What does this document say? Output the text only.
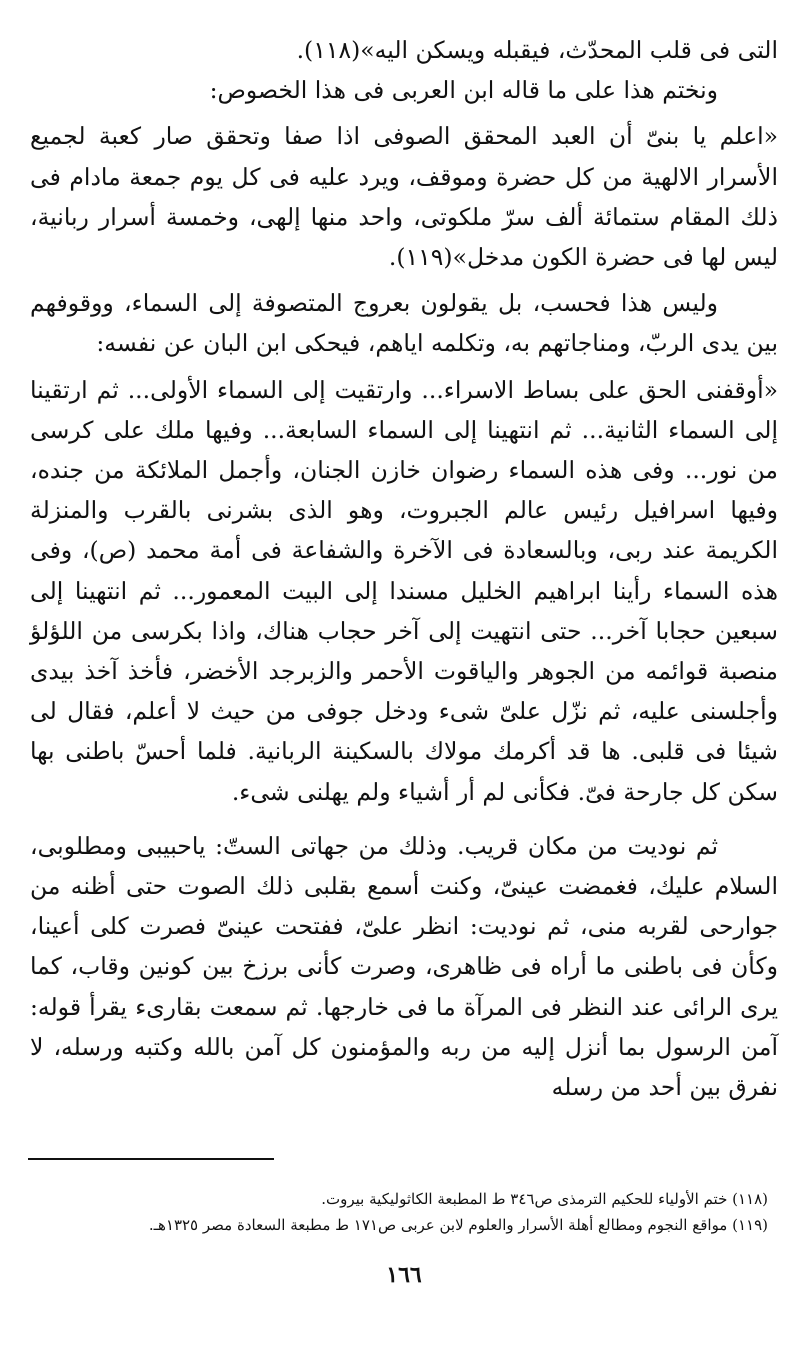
التى فى قلب المحدّث، فيقبله ويسكن اليه»(١١٨).

ونختم هذا على ما قاله ابن العربى فى هذا الخصوص:

«اعلم يا بنىّ أن العبد المحقق الصوفى اذا صفا وتحقق صار كعبة لجميع الأسرار الالهية من كل حضرة وموقف، ويرد عليه فى كل يوم جمعة مادام فى ذلك المقام ستمائة ألف سرّ ملكوتى، واحد منها إلهى، وخمسة أسرار ربانية، ليس لها فى حضرة الكون مدخل»(١١٩).

وليس هذا فحسب، بل يقولون بعروج المتصوفة إلى السماء، ووقوفهم بين يدى الربّ، ومناجاتهم به، وتكلمه اياهم، فيحكى ابن البان عن نفسه:

«أوقفنى الحق على بساط الاسراء... وارتقيت إلى السماء الأولى... ثم ارتقينا إلى السماء الثانية... ثم انتهينا إلى السماء السابعة... وفيها ملك على كرسى من نور... وفى هذه السماء رضوان خازن الجنان، وأجمل الملائكة من جنده، وفيها اسرافيل رئيس عالم الجبروت، وهو الذى بشرنى بالقرب والمنزلة الكريمة عند ربى، وبالسعادة فى الآخرة والشفاعة فى أمة محمد (ص)، وفى هذه السماء رأينا ابراهيم الخليل مسندا إلى البيت المعمور... ثم انتهينا إلى سبعين حجابا آخر... حتى انتهيت إلى آخر حجاب هناك، واذا بكرسى من اللؤلؤ منصبة قوائمه من الجوهر والياقوت الأحمر والزبرجد الأخضر، فأخذ آخذ بيدى وأجلسنى عليه، ثم نزّل علىّ شىء ودخل جوفى من حيث لا أعلم، فقال لى شيئا فى قلبى. ها قد أكرمك مولاك بالسكينة الربانية. فلما أحسّ باطنى بها سكن كل جارحة فىّ. فكأنى لم أر أشياء ولم يهلنى شىء.

ثم نوديت من مكان قريب. وذلك من جهاتى الستّ: ياحبيبى ومطلوبى، السلام عليك، فغمضت عينىّ، وكنت أسمع بقلبى ذلك الصوت حتى أظنه من جوارحى لقربه منى، ثم نوديت: انظر علىّ، ففتحت عينىّ فصرت كلى أعينا، وكأن فى باطنى ما أراه فى ظاهرى، وصرت كأنى برزخ بين كونين وقاب، كما يرى الرائى عند النظر فى المرآة ما فى خارجها. ثم سمعت بقارىء يقرأ قوله: آمن الرسول بما أنزل إليه من ربه والمؤمنون كل آمن بالله وكتبه ورسله، لا نفرق بين أحد من رسله

(١١٨) ختم الأولياء للحكيم الترمذى ص٣٤٦ ط المطبعة الكاثوليكية بيروت.

(١١٩) مواقع النجوم ومطالع أهلة الأسرار والعلوم لابن عربى ص١٧١ ط مطبعة السعادة مصر ١٣٢٥هـ.

١٦٦
